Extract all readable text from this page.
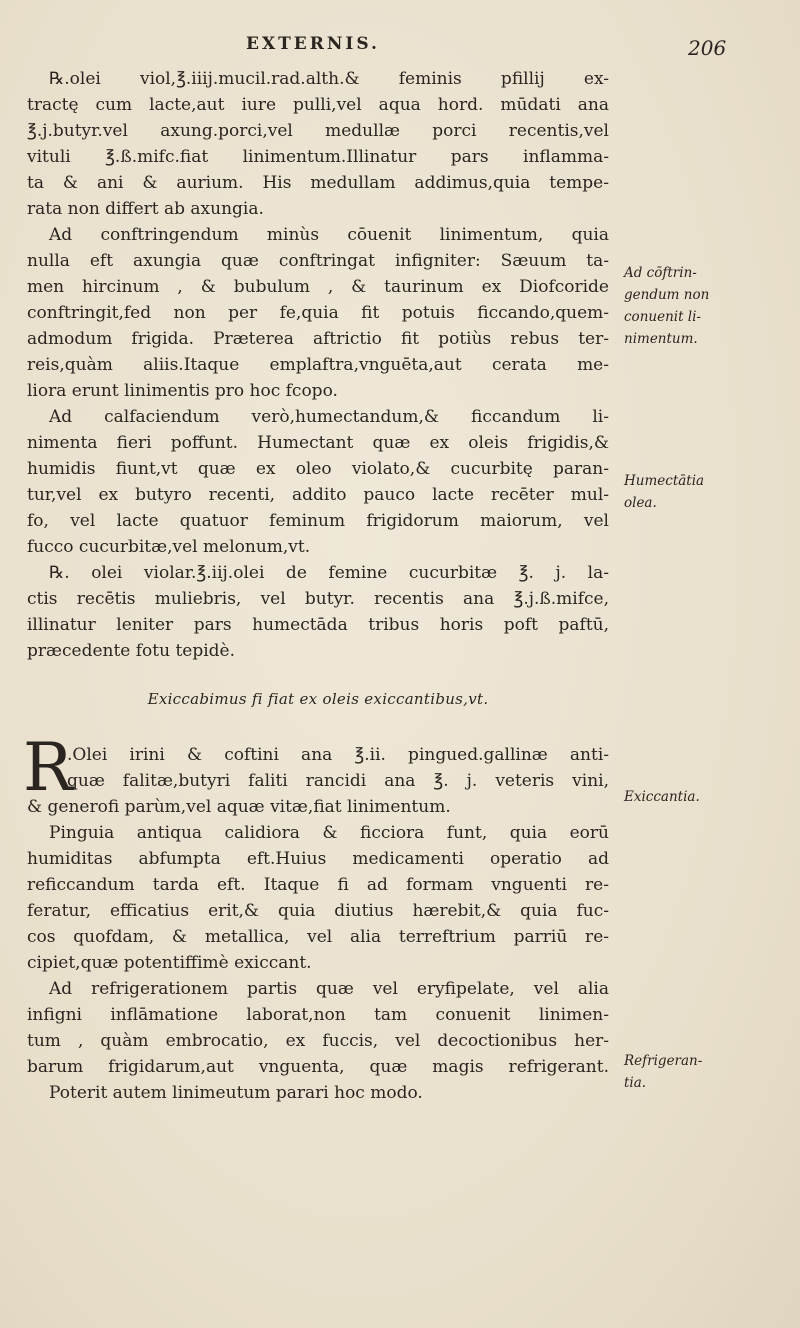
EXTERNIS.	206
℞.olei viol,℥.iiij.mucil.rad.alth.& feminis pfillij ex-
tractę cum lacte,aut iure pulli,vel aqua hord. mūdati ana
℥.j.butyr.vel axung.porci,vel medullæ porci recentis,vel
vituli ℥.ß.mifc.fiat linimentum.Illinatur pars inflamma-
ta & ani & aurium. His medullam addimus,quia tempe-
rata non differt ab axungia.
Ad conftringendum minùs cōuenit linimentum, quia
nulla eft axungia quæ conftringat infigniter: Sæuum ta-
men hircinum , & bubulum , & taurinum ex Diofcoride
conftringit,fed non per fe,quia fit potuis ficcando,quem-
admodum frigida. Præterea aftrictio fit potiùs rebus ter-
reis,quàm aliis.Itaque emplaftra,vnguēta,aut cerata me-
liora erunt linimentis pro hoc fcopo.
Ad calfaciendum verò,humectandum,& ficcandum li-
nimenta fieri poffunt. Humectant quæ ex oleis frigidis,&
humidis fiunt,vt quæ ex oleo violato,& cucurbitę paran-
tur,vel ex butyro recenti, addito pauco lacte recēter mul-
fo, vel lacte quatuor feminum frigidorum maiorum, vel
fucco cucurbitæ,vel melonum,vt.
℞. olei violar.℥.iij.olei de femine cucurbitæ ℥. j. la-
ctis recētis muliebris, vel butyr. recentis ana ℥.j.ß.mifce,
illinatur leniter pars humectāda tribus horis poft paftū,
præcedente fotu tepidè.
Exiccabimus fi fiat ex oleis exiccantibus,vt.
R
.Olei irini & coftini ana ℥.ii. pingued.gallinæ anti-
quæ falitæ,butyri faliti rancidi ana ℥. j. veteris vini,
& generofi parùm,vel aquæ vitæ,fiat linimentum.
Pinguia antiqua calidiora & ficciora funt, quia eorū
humiditas abfumpta eft.Huius medicamenti operatio ad
reficcandum tarda eft. Itaque fi ad formam vnguenti re-
feratur, efficatius erit,& quia diutius hærebit,& quia fuc-
cos quofdam, & metallica, vel alia terreftrium parriū re-
cipiet,quæ potentiffimè exiccant.
Ad refrigerationem partis quæ vel eryfipelate, vel alia
infigni inflāmatione laborat,non tam conuenit linimen-
tum , quàm embrocatio, ex fuccis, vel decoctionibus her-
barum frigidarum,aut vnguenta, quæ magis refrigerant.
Poterit autem linimeutum parari hoc modo.
Ad cōftrin-
gendum non
conuenit li-
nimentum.
Humectātia
olea.
Exiccantia.
Refrigeran-
tia.
